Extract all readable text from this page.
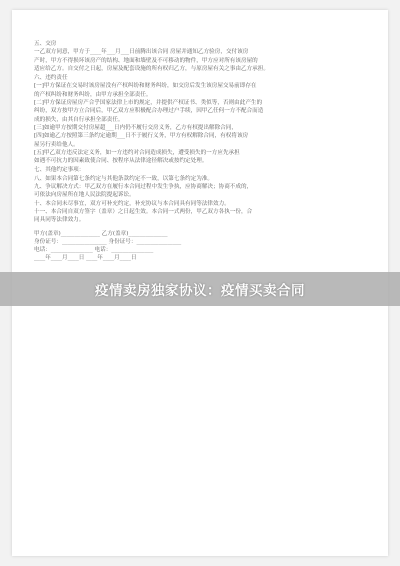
五、交房

一乙双方同意，甲方于____年___月___日前腾出该合同 房屋并通知乙方验房，交付该房

产时，甲方不得损坏该房产的结构、地面和墙壁及不可移动的物件，甲方应对所有该房屋的

适应给乙方。自交付之日起，房屋及配套设施的所有权归乙方，与原房屋有关之事由乙方承担。

六、违约责任

[一]甲方保证在交易时该房屋没有产权纠纷和财务纠纷，如交房后发生该房屋交易前即存在

的产权纠纷和财务纠纷，由甲方承担全部责任。

[二]甲方保证房屋房产合乎国家法律上市的规定，并提供产权证书、类似等，否则由此产生的

纠纷，双方按甲方立合同后，甲乙双方应积极配合办理过户手续，因甲乙任何一方不配合而造

成的损失，由其自行承担全部责任。

[三]如逾甲方按期交付房屋超___日内仍不履行交房义务，乙方有权提出解除合同，

[四]如逾乙方按照第三条约定逾期___日不于履行义务，甲方有权解除合同，有权将该房

屋另行卖给他人。

[五]甲乙双方违反法定义务，如一方违约对合同造成损失，遭受损失的一方应先承担

如遇不可抗力的因素致使合同、按程序从法律途径解决或按约定处理。

七、其他约定事项：

八、如果本合同第七条约定与其他条款约定不一致，以第七条约定为准。

九、争议解决方式：甲乙双方在履行本合同过程中发生争执，应协商解决；协商不成的，

可依法向房屋所在地人民法院提起诉讼。

十、本合同未尽事宜，双方可补充约定，补充协议与本合同具有同等法律效力。

十一、本合同自双方签字（盖章）之日起生效。本合同一式两份，甲乙双方各执一份，合

同具同等法律效力。

甲方(盖章)______________ 乙方(盖章)______________

身份证号：________________ 身份证号：________________

电话：_______________ 电话：_______________

____年____月____日 ____年____月____日

疫情卖房独家协议：疫情买卖合同
